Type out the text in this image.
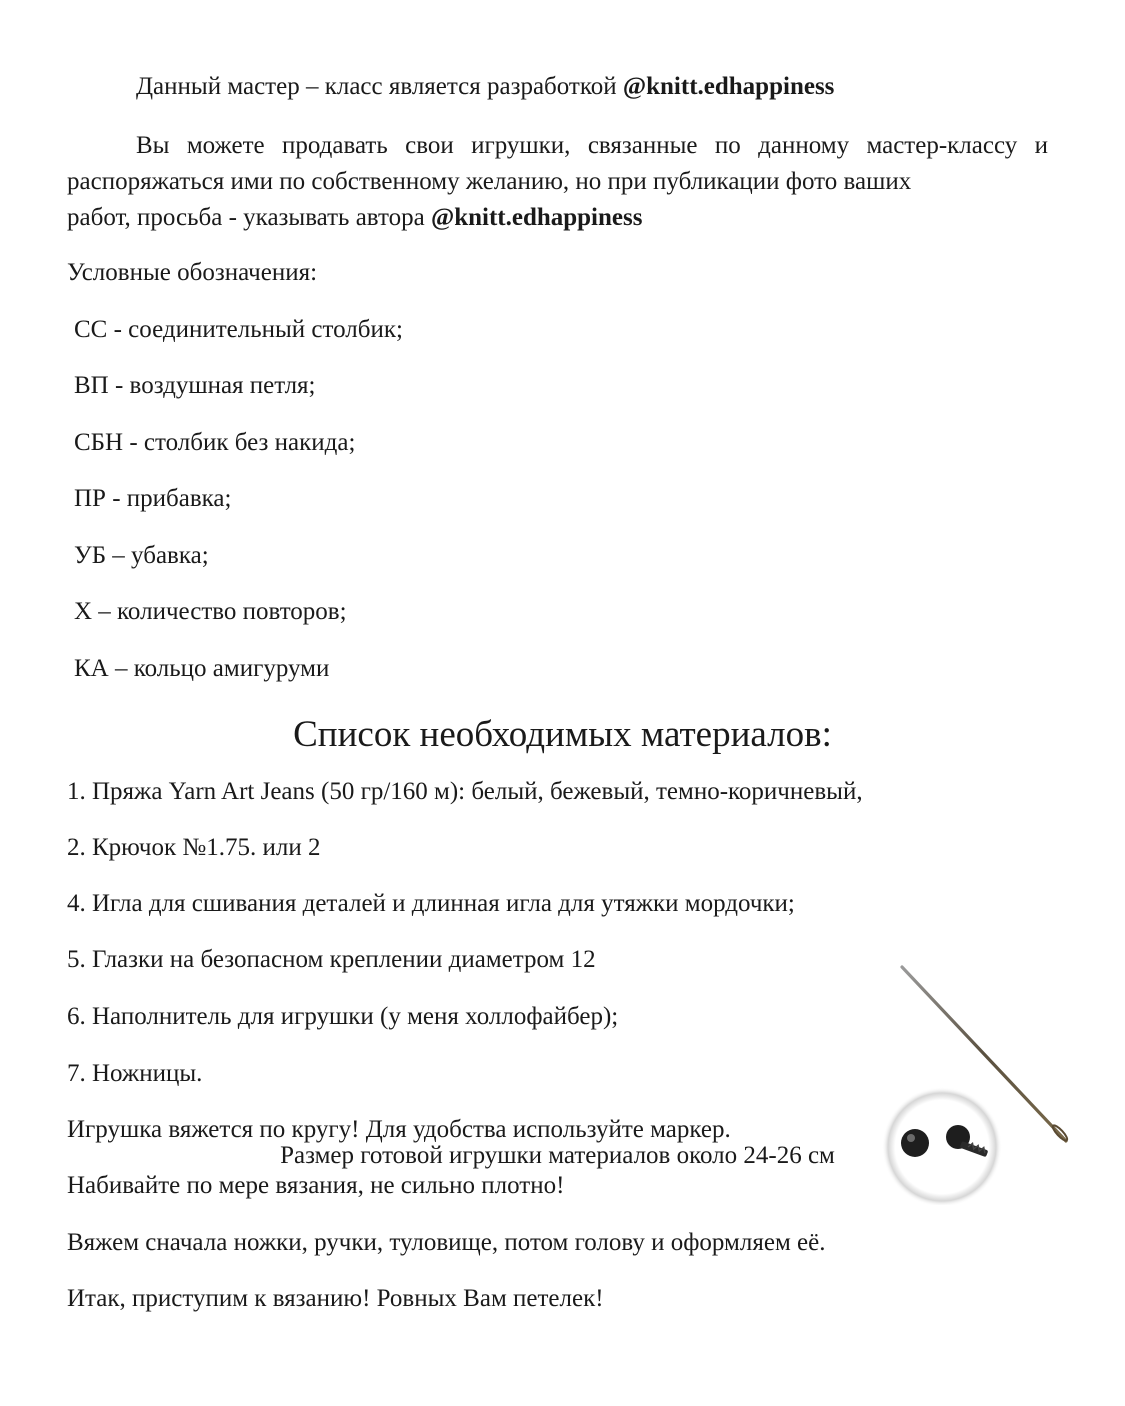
Данный мастер – класс является разработкой @knitt.edhappiness
Вы можете продавать свои игрушки, связанные по данному мастер-классу и распоряжаться ими по собственному желанию, но при публикации фото ваших
работ, просьба - указывать автора @knitt.edhappiness
Условные обозначения:
СС - соединительный столбик;
ВП - воздушная петля;
СБН - столбик без накида;
ПР - прибавка;
УБ – убавка;
Х – количество повторов;
КА – кольцо амигуруми
Список необходимых материалов:
1. Пряжа Yarn Art Jeans (50 гр/160 м): белый, бежевый, темно-коричневый,
2. Крючок №1.75. или 2
4. Игла для сшивания деталей и длинная игла для утяжки мордочки;
5. Глазки на безопасном креплении диаметром 12
6. Наполнитель для игрушки (у меня холлофайбер);
7. Ножницы.
Игрушка вяжется по кругу! Для удобства используйте маркер.
Набивайте по мере вязания, не сильно плотно!
Вяжем сначала ножки, ручки, туловище, потом голову и оформляем её.
Итак, приступим к вязанию! Ровных Вам петелек!
Размер готовой игрушки материалов около 24-26 см
